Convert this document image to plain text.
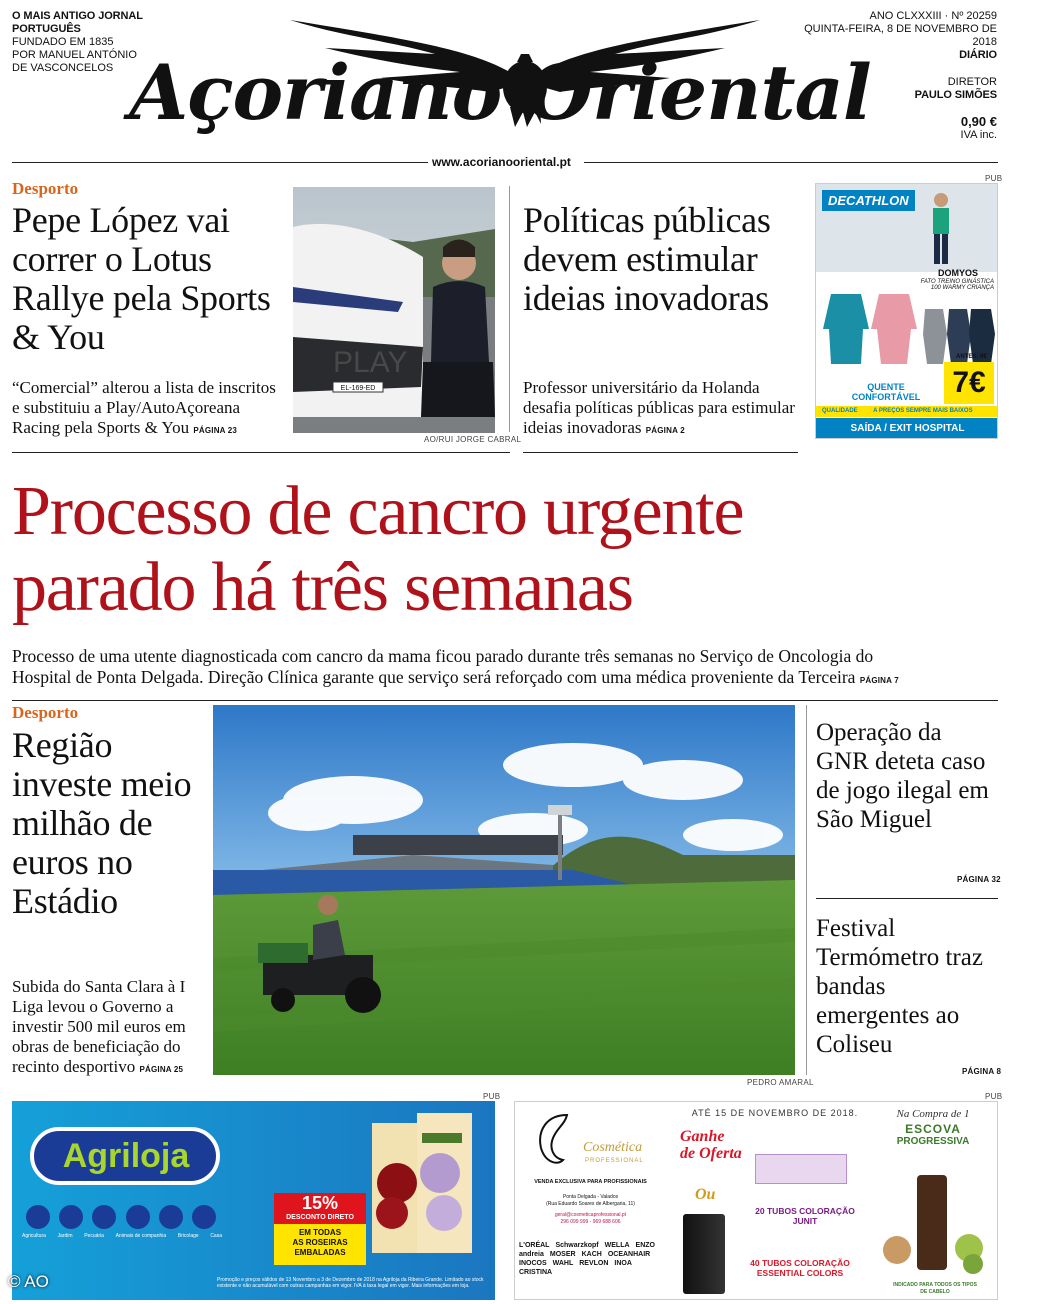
O MAIS ANTIGO JORNAL PORTUGUÊS
FUNDADO EM 1835
POR MANUEL ANTÓNIO
DE VASCONCELOS Açoriano Oriental
ANO CLXXXIII · Nº 20259
QUINTA-FEIRA, 8 DE NOVEMBRO DE 2018
DIÁRIO
DIRETOR
PAULO SIMÕES
0,90 €
IVA inc.
www.acorianooriental.pt
Desporto
Pepe López vai correr o Lotus Rallye pela Sports & You
“Comercial” alterou a lista de inscritos e substituiu a Play/AutoAçoreana Racing pela Sports & You PÁGINA 23
EL-169-ED
PLAY
AO/RUI JORGE CABRAL
Políticas públicas devem estimular ideias inovadoras
Professor universitário da Holanda desafia políticas públicas para estimular ideias inovadoras PÁGINA 2
PUB
DECATHLON
DOMYOS
FATO TREINO GINÁSTICA
100 WARMY CRIANÇA
ANTES: 9€
QUENTE
CONFORTÁVEL 7€
QUALIDADE	A PREÇOS SEMPRE MAIS BAIXOS
SAÍDA / EXIT HOSPITAL
Processo de cancro urgente
parado há três semanas
Processo de uma utente diagnosticada com cancro da mama ficou parado durante três semanas no Serviço de Oncologia do
Hospital de Ponta Delgada. Direção Clínica garante que serviço será reforçado com uma médica proveniente da Terceira PÁGINA 7
Desporto
Região investe meio milhão de euros no Estádio
Subida do Santa Clara à I Liga levou o Governo a investir 500 mil euros em obras de beneficiação do recinto desportivo PÁGINA 25
PEDRO AMARAL
Operação da GNR deteta caso de jogo ilegal em São Miguel
PÁGINA 32
Festival Termómetro traz bandas emergentes ao Coliseu
PÁGINA 8
PUB
Agriloja
Agricultura Jardim Pecuária Animais de companhia Bricolage Casa
15%
DESCONTO DIRETO
EM TODAS
AS ROSEIRAS
EMBALADAS
Promoção e preços válidos de 13 Novembro a 3 de Dezembro de 2018 na Agriloja da Ribeira Grande. Limitado ao stock existente e não acumulável com outras campanhas em vigor. IVA à taxa legal em vigor. Mais informações em loja.
PUB
Cosmética
PROFESSIONAL
VENDA EXCLUSIVA PARA PROFISSIONAIS
Ponta Delgada - Valados
(Rua Eduardo Soares de Albergaria, 11)
geral@cosmeticaprofessional.pt
296 099 999 - 969 688 606
L'ORÉAL Schwarzkopf WELLA ENZO
andreia MOSER KACH OCEANHAIR
INOCOS WAHL REVLON INOA
CRISTINA
ATÉ 15 DE NOVEMBRO DE 2018.
Ganhe
de Oferta
20 TUBOS COLORAÇÃO
JUNIT
Ou
40 TUBOS COLORAÇÃO
ESSENTIAL COLORS
Na Compra de 1
ESCOVA
PROGRESSIVA
INDICADO PARA TODOS OS TIPOS
DE CABELO
© AO
